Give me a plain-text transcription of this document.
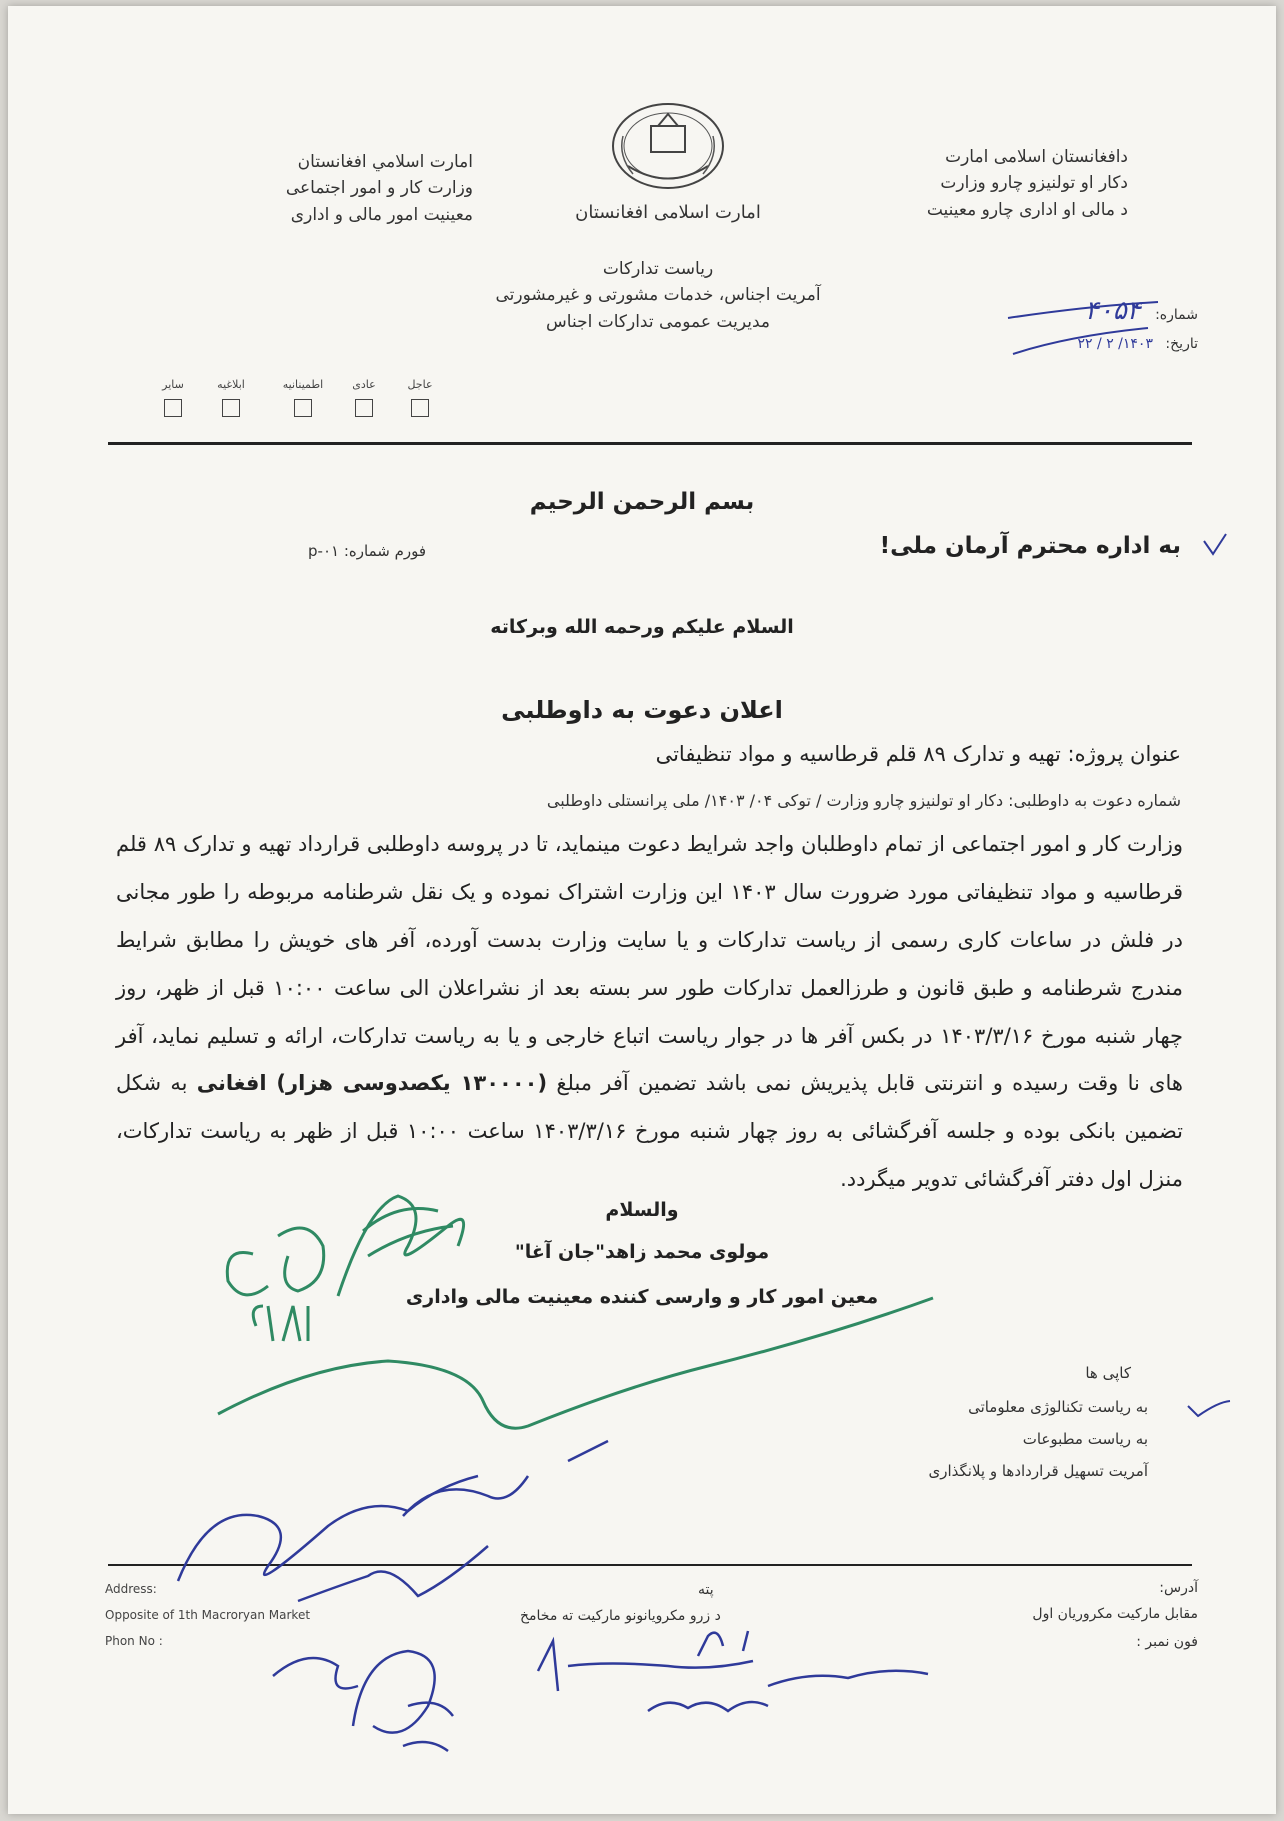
امارت اسلامي افغانستان
وزارت کار و امور اجتماعی
معینیت امور مالی و اداری	امارت اسلامی افغانستان
دافغانستان اسلامی امارت
دکار او تولنیزو چارو وزارت
د مالی او اداری چارو معینیت
ریاست تدارکات
آمریت اجناس، خدمات مشورتی و غیرمشورتی
مدیریت عمومی تدارکات اجناس	شماره: ۴۰۵۴
تاریخ: ۱۴۰۳/ ۲ / ۲۲
عاجل
عادی
اطمینانیه
ابلاغیه
سایر
بسم الرحمن الرحیم
به اداره محترم آرمان ملی!
فورم شماره: ۰۱-p
السلام علیکم ورحمه الله وبرکاته
اعلان دعوت به داوطلبی
عنوان پروژه: تهیه و تدارک ۸۹ قلم قرطاسیه و مواد تنظیفاتی
شماره دعوت به داوطلبی: دکار او تولنیزو چارو وزارت / توکی ۰۴/ ۱۴۰۳/ ملی پرانستلی داوطلبی
وزارت کار و امور اجتماعی از تمام داوطلبان واجد شرایط دعوت مینماید، تا در پروسه داوطلبی قرارداد تهیه و تدارک ۸۹ قلم قرطاسیه و مواد تنظیفاتی مورد ضرورت سال ۱۴۰۳ این وزارت اشتراک نموده و یک نقل شرطنامه مربوطه را طور مجانی در فلش در ساعات کاری رسمی از ریاست تدارکات و یا سایت وزارت بدست آورده، آفر های خویش را مطابق شرایط مندرج شرطنامه و طبق قانون و طرزالعمل تدارکات طور سر بسته بعد از نشراعلان الی ساعت ۱۰:۰۰ قبل از ظهر، روز چهار شنبه مورخ ۱۴۰۳/۳/۱۶ در بکس آفر ها در جوار ریاست اتباع خارجی و یا به ریاست تدارکات، ارائه و تسلیم نماید، آفر های نا وقت رسیده و انترنتی قابل پذیریش نمی باشد تضمین آفر مبلغ (۱۳۰۰۰۰ یکصدوسی هزار) افغانی به شکل تضمین بانکی بوده و جلسه آفرگشائی به روز چهار شنبه مورخ ۱۴۰۳/۳/۱۶ ساعت ۱۰:۰۰ قبل از ظهر به ریاست تدارکات، منزل اول دفتر آفرگشائی تدویر میگردد.
والسلام
مولوی محمد زاهد"جان آغا"
معین امور کار و وارسی کننده معینیت مالی واداری
کاپی ها
به ریاست تکنالوژی معلوماتی
به ریاست مطبوعات
آمریت تسهیل قراردادها و پلانگذاری
Address:
Opposite of 1th Macroryan Market
Phon No :
پته
د زرو مکرویانونو مارکیت ته مخامخ
آدرس:
مقابل مارکیت مکروریان اول
فون نمبر :
